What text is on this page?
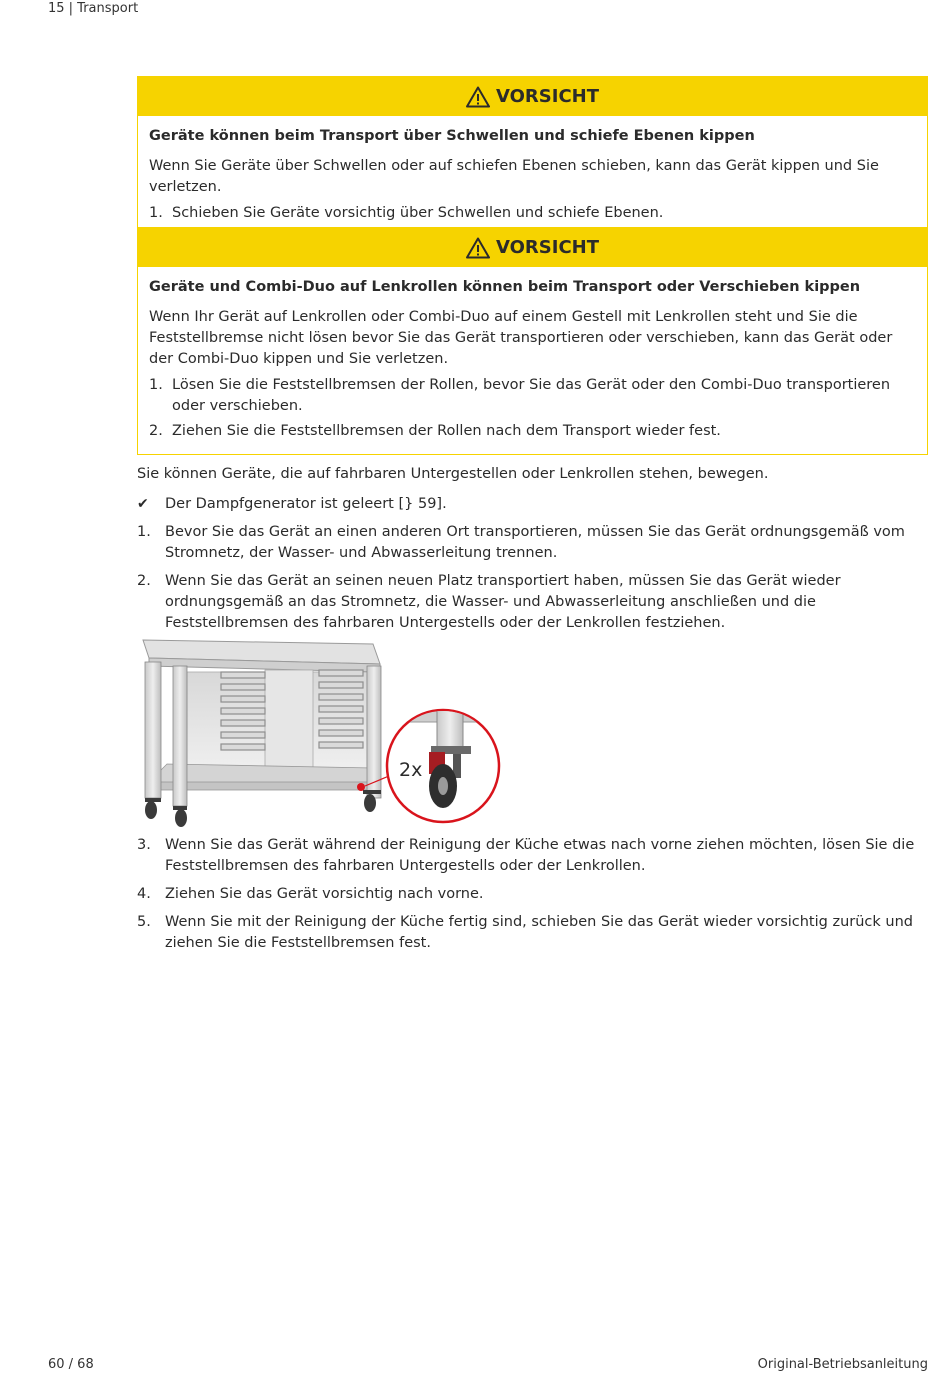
15 | Transport
VORSICHT
Geräte können beim Transport über Schwellen und schiefe Ebenen kippen
Wenn Sie Geräte über Schwellen oder auf schiefen Ebenen schieben, kann das Gerät kippen und Sie verletzen.
1. Schieben Sie Geräte vorsichtig über Schwellen und schiefe Ebenen.
VORSICHT
Geräte und Combi-Duo auf Lenkrollen können beim Transport oder Verschieben kippen
Wenn Ihr Gerät auf Lenkrollen oder Combi-Duo auf einem Gestell mit Lenkrollen steht und Sie die Feststellbremse nicht lösen bevor Sie das Gerät transportieren oder verschieben, kann das Gerät oder der Combi-Duo kippen und Sie verletzen.
1. Lösen Sie die Feststellbremsen der Rollen, bevor Sie das Gerät oder den Combi-Duo transportieren oder verschieben.
2. Ziehen Sie die Feststellbremsen der Rollen nach dem Transport wieder fest.

Sie können Geräte, die auf fahrbaren Untergestellen oder Lenkrollen stehen, bewegen.

✔	Der Dampfgenerator ist geleert [} 59].
1. Bevor Sie das Gerät an einen anderen Ort transportieren, müssen Sie das Gerät ordnungsgemäß vom Stromnetz, der Wasser- und Abwasserleitung trennen.
2. Wenn Sie das Gerät an seinen neuen Platz transportiert haben, müssen Sie das Gerät wieder ordnungsgemäß an das Stromnetz, die Wasser- und Abwasserleitung anschließen und die Feststellbremsen des fahrbaren Untergestells oder der Lenkrollen festziehen.
2x
3. Wenn Sie das Gerät während der Reinigung der Küche etwas nach vorne ziehen möchten, lösen Sie die Feststellbremsen des fahrbaren Untergestells oder der Lenkrollen.
4. Ziehen Sie das Gerät vorsichtig nach vorne.
5. Wenn Sie mit der Reinigung der Küche fertig sind, schieben Sie das Gerät wieder vorsichtig zurück und ziehen Sie die Feststellbremsen fest.
60 / 68	Original-Betriebsanleitung
